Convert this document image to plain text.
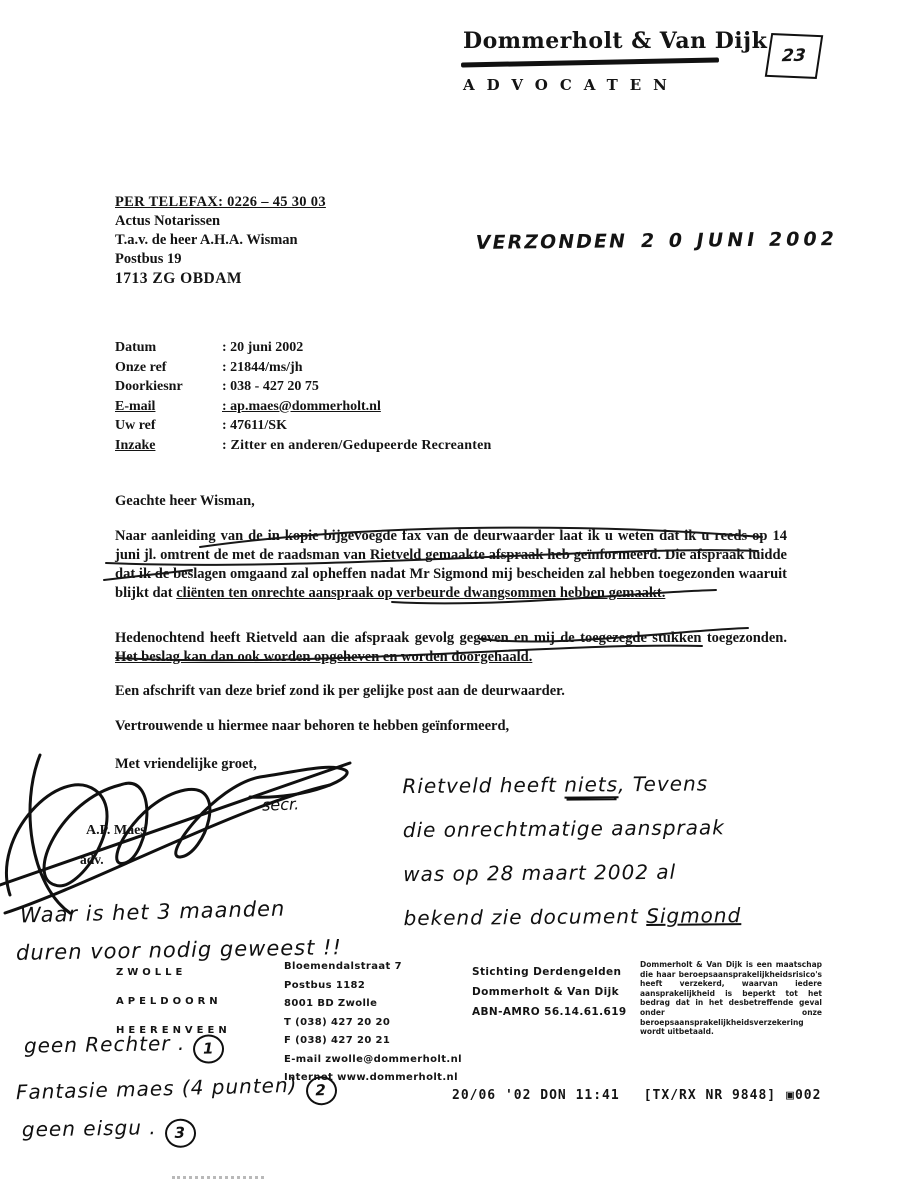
Dommerholt & Van Dijk
ADVOCATEN
23
PER TELEFAX: 0226 – 45 30 03
Actus Notarissen
T.a.v. de heer A.H.A. Wisman
Postbus 19
1713 ZG OBDAM
VERZONDEN 2 0 JUNI 2002
Datum	: 20 juni 2002
Onze ref	: 21844/ms/jh
Doorkiesnr	: 038 - 427 20 75
E-mail	: ap.maes@dommerholt.nl
Uw ref	: 47611/SK
Inzake	: Zitter en anderen/Gedupeerde Recreanten
Geachte heer Wisman,
Naar aanleiding van de in kopie bijgevoegde fax van de deurwaarder laat ik u weten dat ik u reeds op 14 juni jl. omtrent de met de raadsman van Rietveld gemaakte afspraak heb geïnformeerd. Die afspraak luidde dat ik de beslagen omgaand zal opheffen nadat Mr Sigmond mij bescheiden zal hebben toegezonden waaruit blijkt dat cliënten ten onrechte aanspraak op verbeurde dwangsommen hebben gemaakt.
Hedenochtend heeft Rietveld aan die afspraak gevolg gegeven en mij de toegezegde stukken toegezonden. Het beslag kan dan ook worden opgeheven en worden doorgehaald.
Een afschrift van deze brief zond ik per gelijke post aan de deurwaarder.
Vertrouwende u hiermee naar behoren te hebben geïnformeerd,
Met vriendelijke groet,
A.P. Maes
adv.
secr.
Rietveld heeft niets, Tevens
die onrechtmatige aanspraak
was op 28 maart 2002 al
bekend zie document Sigmond
Waar is het 3 maanden
duren voor nodig geweest !!
geen Rechter . 1
Fantasie maes (4 punten) 2
geen eisgu . 3
ZWOLLE
APELDOORN
HEERENVEEN
Bloemendalstraat 7
Postbus 1182
8001 BD Zwolle
T (038) 427 20 20
F (038) 427 20 21
E-mail zwolle@dommerholt.nl
Internet www.dommerholt.nl
Stichting Derdengelden
Dommerholt & Van Dijk
ABN-AMRO 56.14.61.619
Dommerholt & Van Dijk is een maatschap die haar beroepsaansprakelijkheidsrisico's heeft verzekerd, waarvan iedere aansprakelijkheid is beperkt tot het bedrag dat in het desbetreffende geval onder onze beroepsaansprakelijkheidsverzekering wordt uitbetaald.
20/06 '02 DON 11:41 [TX/RX NR 9848] ▣002
